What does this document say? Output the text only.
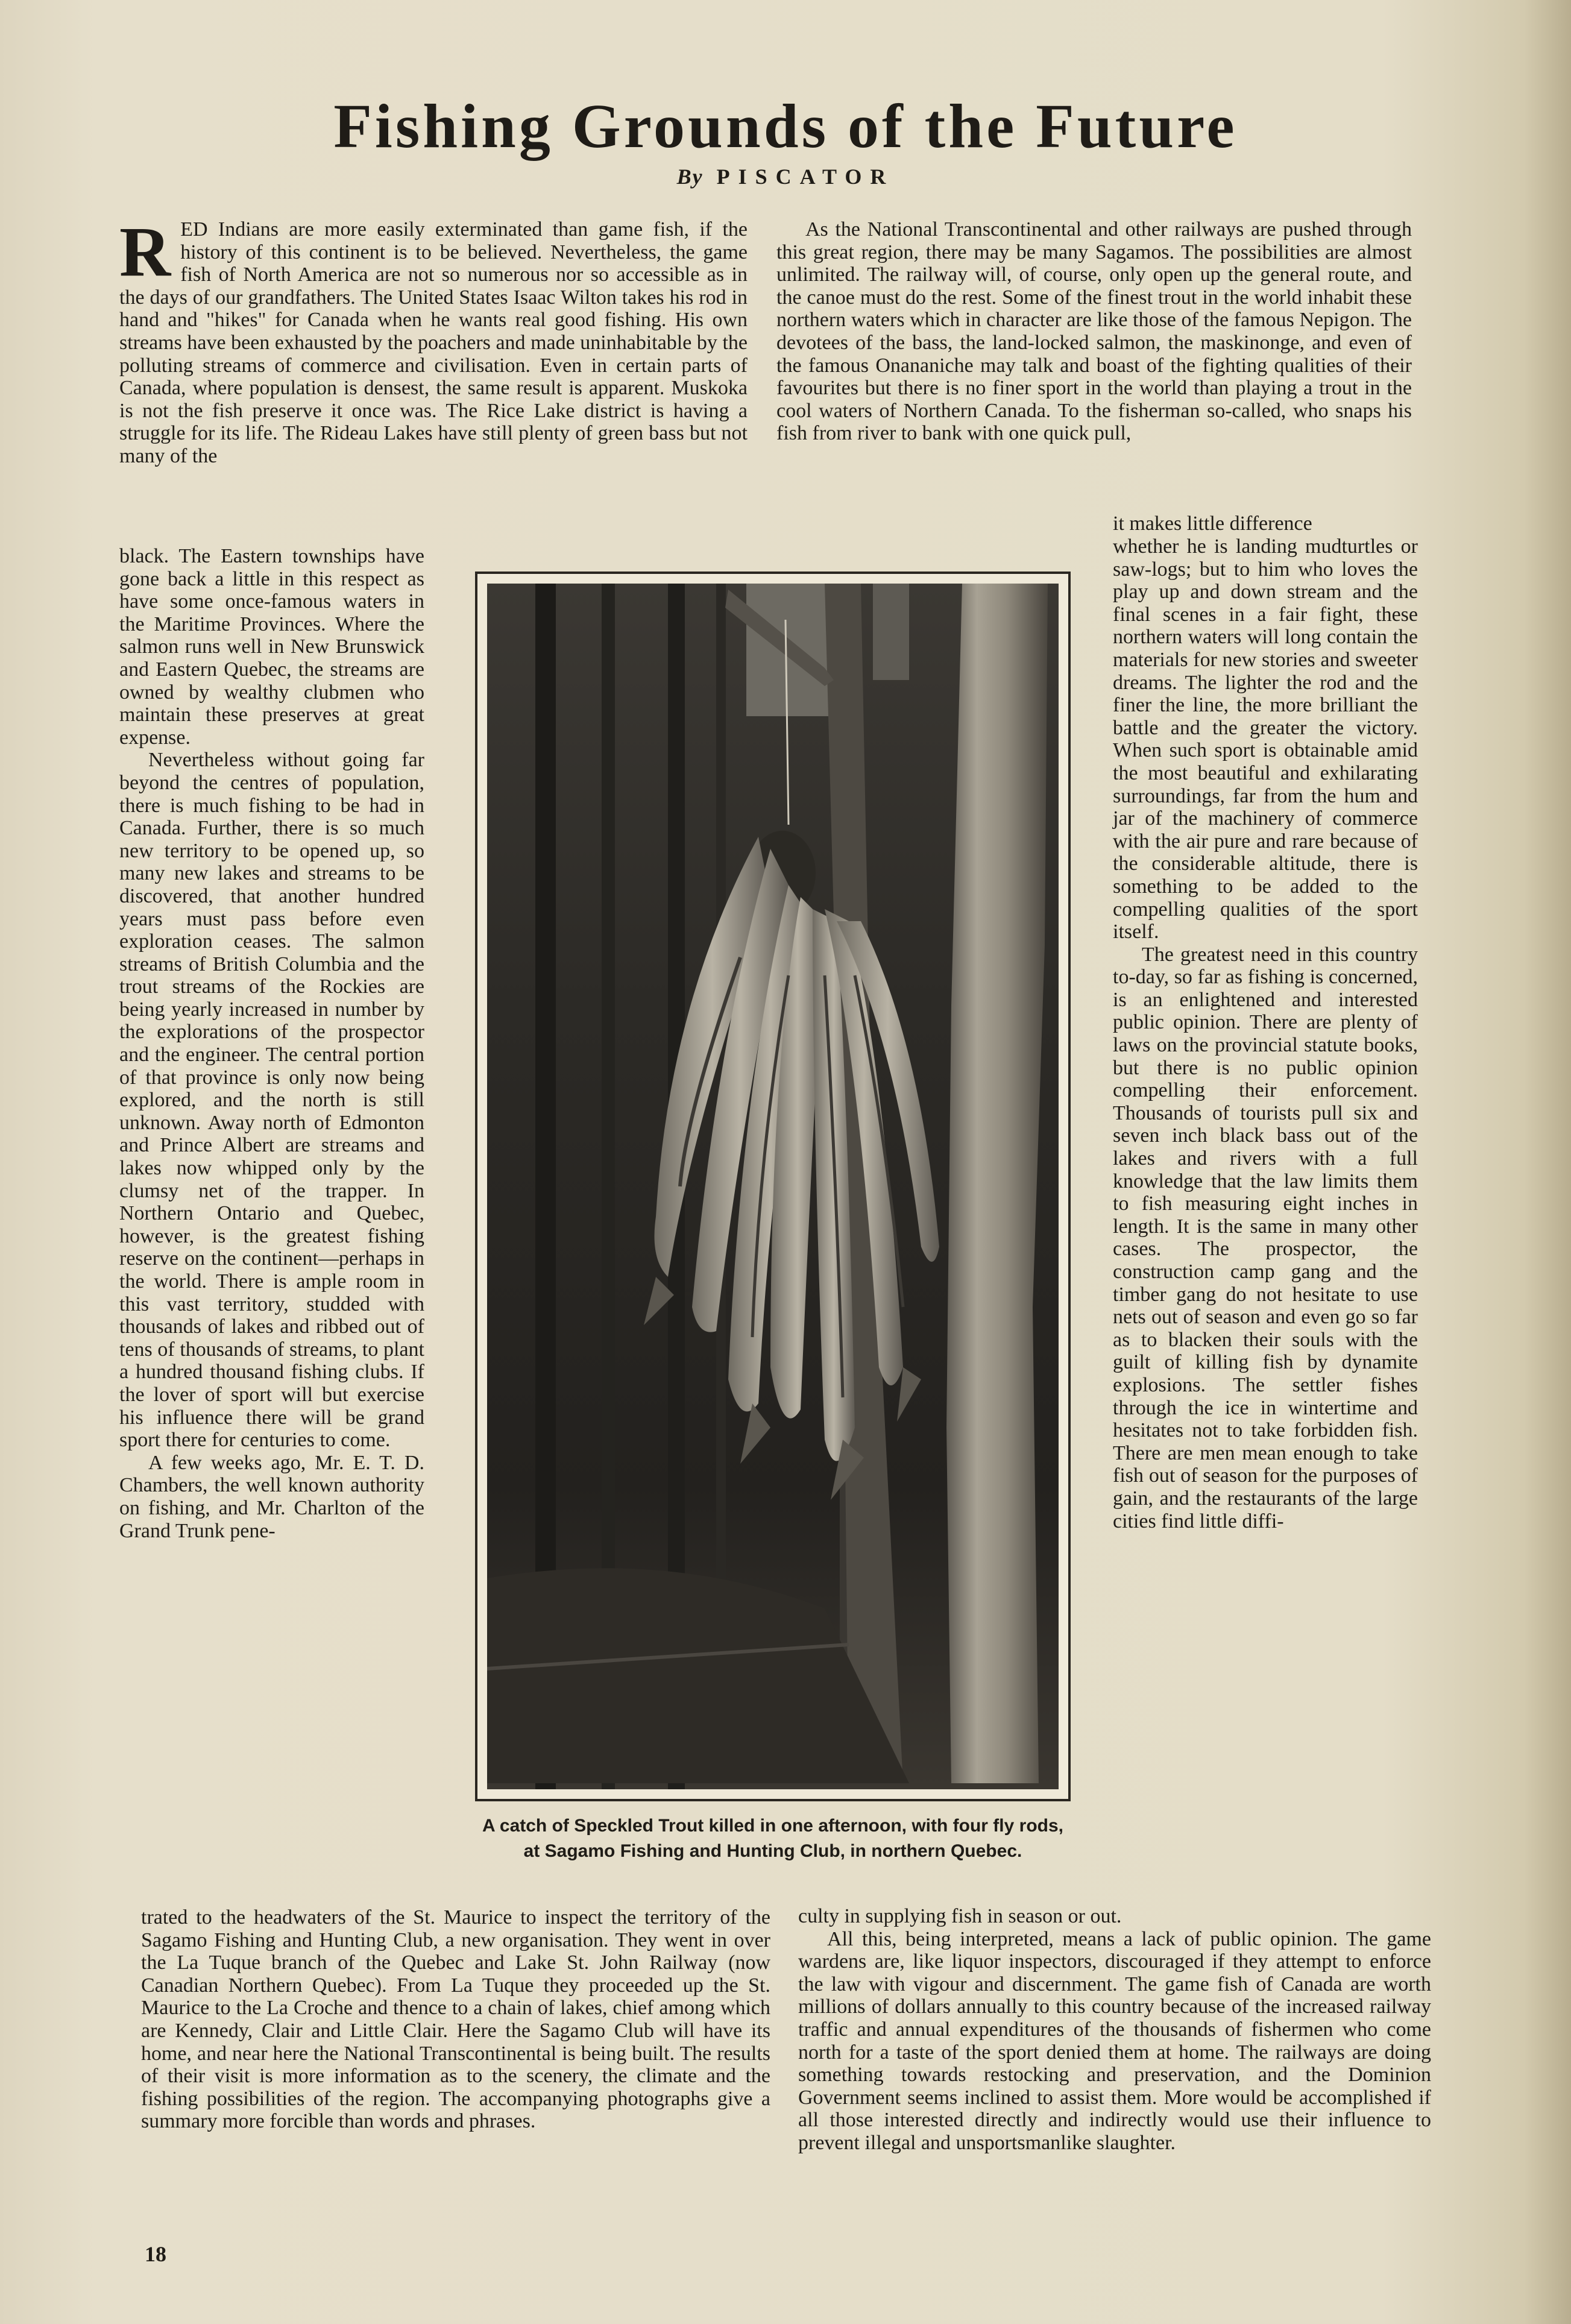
Fishing Grounds of the Future
By PISCATOR
RED Indians are more easily exterminated than game fish, if the history of this continent is to be believed. Nevertheless, the game fish of North America are not so numerous nor so accessible as in the days of our grandfathers. The United States Isaac Wilton takes his rod in hand and "hikes" for Canada when he wants real good fishing. His own streams have been exhausted by the poachers and made uninhabitable by the polluting streams of commerce and civilisation. Even in certain parts of Canada, where population is densest, the same result is apparent. Muskoka is not the fish preserve it once was. The Rice Lake district is having a struggle for its life. The Rideau Lakes have still plenty of green bass but not many of the
black. The Eastern townships have gone back a little in this respect as have some once-famous waters in the Maritime Provinces. Where the salmon runs well in New Brunswick and Eastern Quebec, the streams are owned by wealthy clubmen who maintain these preserves at great expense.
Nevertheless without going far beyond the centres of population, there is much fishing to be had in Canada. Further, there is so much new territory to be opened up, so many new lakes and streams to be discovered, that another hundred years must pass before even exploration ceases. The salmon streams of British Columbia and the trout streams of the Rockies are being yearly increased in number by the explorations of the prospector and the engineer. The central portion of that province is only now being explored, and the north is still unknown. Away north of Edmonton and Prince Albert are streams and lakes now whipped only by the clumsy net of the trapper. In Northern Ontario and Quebec, however, is the greatest fishing reserve on the continent—perhaps in the world. There is ample room in this vast territory, studded with thousands of lakes and ribbed out of tens of thousands of streams, to plant a hundred thousand fishing clubs. If the lover of sport will but exercise his influence there will be grand sport there for centuries to come.
A few weeks ago, Mr. E. T. D. Chambers, the well known authority on fishing, and Mr. Charlton of the Grand Trunk pene-
trated to the headwaters of the St. Maurice to inspect the territory of the Sagamo Fishing and Hunting Club, a new organisation. They went in over the La Tuque branch of the Quebec and Lake St. John Railway (now Canadian Northern Quebec). From La Tuque they proceeded up the St. Maurice to the La Croche and thence to a chain of lakes, chief among which are Kennedy, Clair and Little Clair. Here the Sagamo Club will have its home, and near here the National Transcontinental is being built. The results of their visit is more information as to the scenery, the climate and the fishing possibilities of the region. The accompanying photographs give a summary more forcible than words and phrases.
As the National Transcontinental and other railways are pushed through this great region, there may be many Sagamos. The possibilities are almost unlimited. The railway will, of course, only open up the general route, and the canoe must do the rest. Some of the finest trout in the world inhabit these northern waters which in character are like those of the famous Nepigon. The devotees of the bass, the land-locked salmon, the maskinonge, and even of the famous Onananiche may talk and boast of the fighting qualities of their favourites but there is no finer sport in the world than playing a trout in the cool waters of Northern Canada. To the fisherman so-called, who snaps his fish from river to bank with one quick pull,
it makes little difference
whether he is landing mudturtles or saw-logs; but to him who loves the play up and down stream and the final scenes in a fair fight, these northern waters will long contain the materials for new stories and sweeter dreams. The lighter the rod and the finer the line, the more brilliant the battle and the greater the victory. When such sport is obtainable amid the most beautiful and exhilarating surroundings, far from the hum and jar of the machinery of commerce with the air pure and rare because of the considerable altitude, there is something to be added to the compelling qualities of the sport itself.
The greatest need in this country to-day, so far as fishing is concerned, is an enlightened and interested public opinion. There are plenty of laws on the provincial statute books, but there is no public opinion compelling their enforcement. Thousands of tourists pull six and seven inch black bass out of the lakes and rivers with a full knowledge that the law limits them to fish measuring eight inches in length. It is the same in many other cases. The prospector, the construction camp gang and the timber gang do not hesitate to use nets out of season and even go so far as to blacken their souls with the guilt of killing fish by dynamite explosions. The settler fishes through the ice in wintertime and hesitates not to take forbidden fish. There are men mean enough to take fish out of season for the purposes of gain, and the restaurants of the large cities find little diffi-
culty in supplying fish in season or out.
All this, being interpreted, means a lack of public opinion. The game wardens are, like liquor inspectors, discouraged if they attempt to enforce the law with vigour and discernment. The game fish of Canada are worth millions of dollars annually to this country because of the increased railway traffic and annual expenditures of the thousands of fishermen who come north for a taste of the sport denied them at home. The railways are doing something towards restocking and preservation, and the Dominion Government seems inclined to assist them. More would be accomplished if all those interested directly and indirectly would use their influence to prevent illegal and unsportsmanlike slaughter.
A catch of Speckled Trout killed in one afternoon, with four fly rods, at Sagamo Fishing and Hunting Club, in northern Quebec.
18
